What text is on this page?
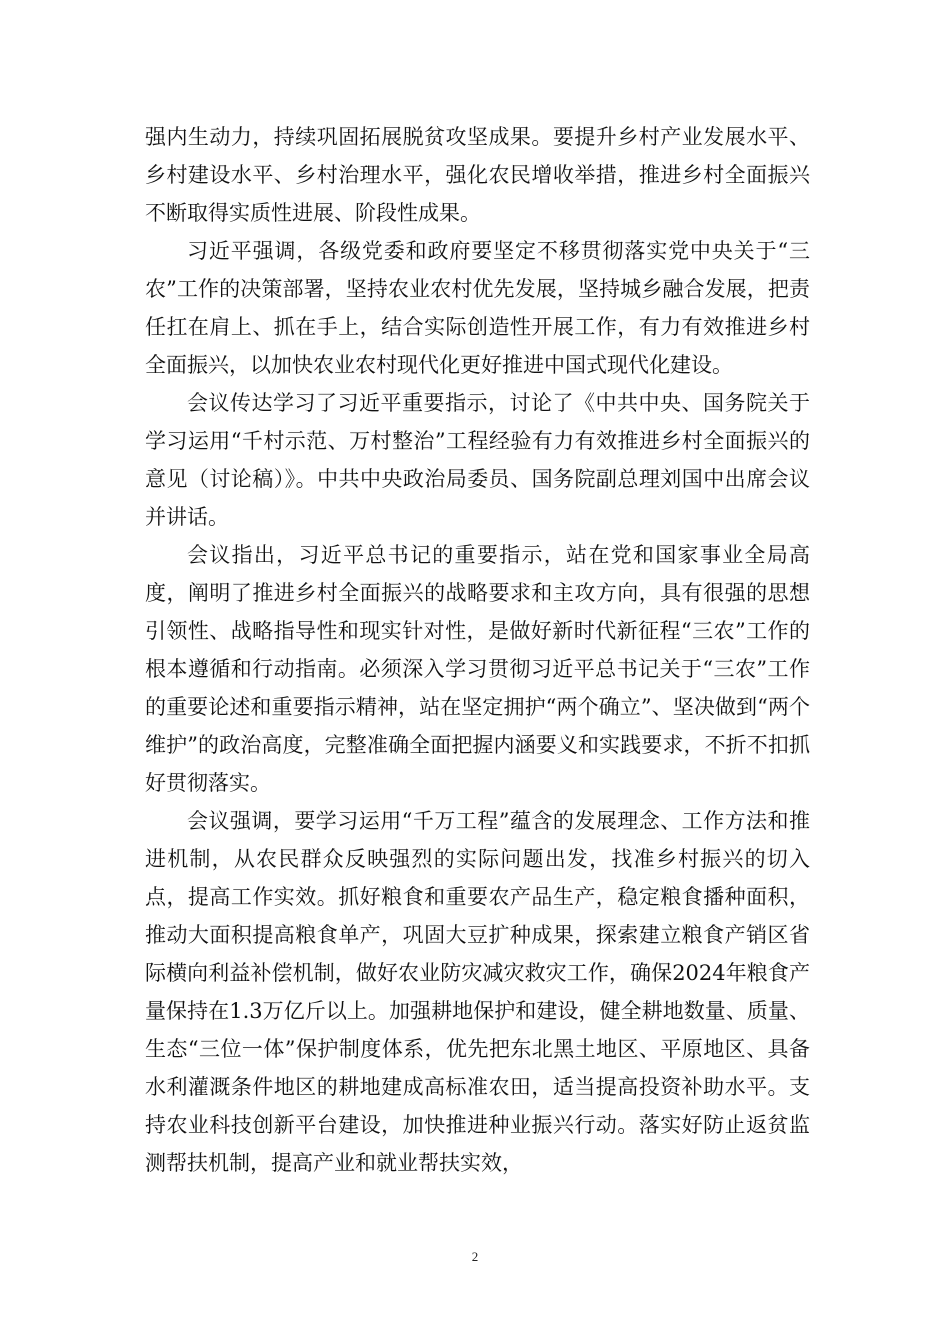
强内生动力，持续巩固拓展脱贫攻坚成果。要提升乡村产业发展水平、乡村建设水平、乡村治理水平，强化农民增收举措，推进乡村全面振兴不断取得实质性进展、阶段性成果。

习近平强调，各级党委和政府要坚定不移贯彻落实党中央关于“三农”工作的决策部署，坚持农业农村优先发展，坚持城乡融合发展，把责任扛在肩上、抓在手上，结合实际创造性开展工作，有力有效推进乡村全面振兴，以加快农业农村现代化更好推进中国式现代化建设。

会议传达学习了习近平重要指示，讨论了《中共中央、国务院关于学习运用“千村示范、万村整治”工程经验有力有效推进乡村全面振兴的意见（讨论稿）》。中共中央政治局委员、国务院副总理刘国中出席会议并讲话。

会议指出，习近平总书记的重要指示，站在党和国家事业全局高度，阐明了推进乡村全面振兴的战略要求和主攻方向，具有很强的思想引领性、战略指导性和现实针对性，是做好新时代新征程“三农”工作的根本遵循和行动指南。必须深入学习贯彻习近平总书记关于“三农”工作的重要论述和重要指示精神，站在坚定拥护“两个确立”、坚决做到“两个维护”的政治高度，完整准确全面把握内涵要义和实践要求，不折不扣抓好贯彻落实。

会议强调，要学习运用“千万工程”蕴含的发展理念、工作方法和推进机制，从农民群众反映强烈的实际问题出发，找准乡村振兴的切入点，提高工作实效。抓好粮食和重要农产品生产，稳定粮食播种面积，推动大面积提高粮食单产，巩固大豆扩种成果，探索建立粮食产销区省际横向利益补偿机制，做好农业防灾减灾救灾工作，确保2024年粮食产量保持在1.3万亿斤以上。加强耕地保护和建设，健全耕地数量、质量、生态“三位一体”保护制度体系，优先把东北黑土地区、平原地区、具备水利灌溉条件地区的耕地建成高标准农田，适当提高投资补助水平。支持农业科技创新平台建设，加快推进种业振兴行动。落实好防止返贫监测帮扶机制，提高产业和就业帮扶实效，

2
